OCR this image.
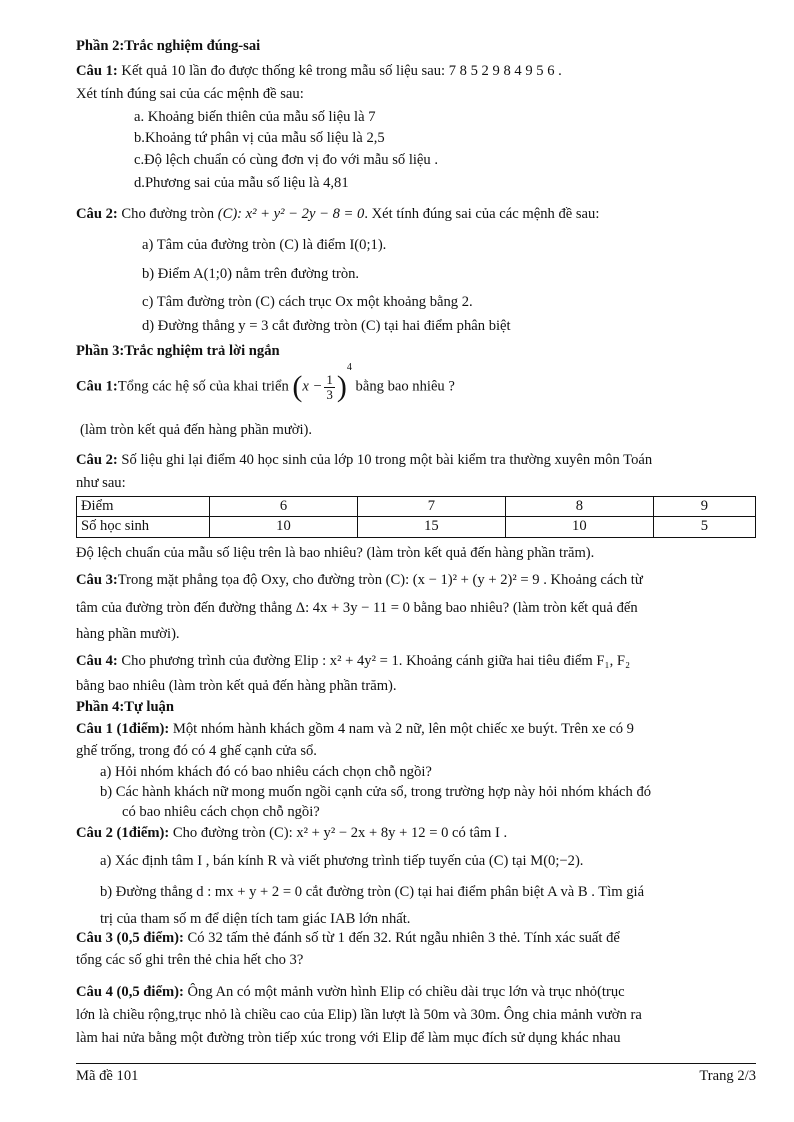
Phần 2:Trắc nghiệm đúng-sai
Câu 1: Kết quả 10 lần đo được thống kê trong mẫu số liệu sau: 7 8 5 2 9 8 4 9 5 6 .
Xét tính đúng sai của các mệnh đề sau:
a. Khoảng biến thiên của mẫu số liệu là 7
b.Khoảng tứ phân vị của mẫu số liệu là 2,5
c.Độ lệch chuẩn có cùng đơn vị đo với mẫu số liệu .
d.Phương sai của mẫu số liệu là 4,81
Câu 2: Cho đường tròn (C): x² + y² − 2y − 8 = 0. Xét tính đúng sai của các mệnh đề sau:
a) Tâm của đường tròn (C) là điểm I(0;1).
b) Điểm A(1;0) nằm trên đường tròn.
c) Tâm đường tròn (C) cách trục Ox một khoảng bằng 2.
d) Đường thẳng y = 3 cắt đường tròn (C) tại hai điểm phân biệt
Phần 3:Trắc nghiệm trả lời ngắn
Câu 1:Tổng các hệ số của khai triển $(x - \frac{1}{3} )^4$ bằng bao nhiêu ?
(làm tròn kết quả đến hàng phần mười).
Câu 2: Số liệu ghi lại điểm 40 học sinh của lớp 10 trong một bài kiểm tra thường xuyên môn Toán
như sau:
Điểm	6	7	8	9
Số học sinh	10	15	10	5
Độ lệch chuẩn của mẫu số liệu trên là bao nhiêu? (làm tròn kết quả đến hàng phần trăm).
Câu 3:Trong mặt phẳng tọa độ Oxy, cho đường tròn (C): (x − 1)² + (y + 2)² = 9 . Khoảng cách từ
tâm của đường tròn đến đường thẳng Δ: 4x + 3y − 11 = 0 bằng bao nhiêu? (làm tròn kết quả đến
hàng phần mười).
Câu 4: Cho phương trình của đường Elip : x² + 4y² = 1. Khoảng cánh giữa hai tiêu điểm F₁, F₂
bằng bao nhiêu (làm tròn kết quả đến hàng phần trăm).
Phần 4:Tự luận
Câu 1 (1điểm): Một nhóm hành khách gồm 4 nam và 2 nữ, lên một chiếc xe buýt. Trên xe có 9
ghế trống, trong đó có 4 ghế cạnh cửa sổ.
a) Hỏi nhóm khách đó có bao nhiêu cách chọn chỗ ngồi?
b) Các hành khách nữ mong muốn ngồi cạnh cửa sổ, trong trường hợp này hỏi nhóm khách đó
có bao nhiêu cách chọn chỗ ngồi?
Câu 2 (1điểm): Cho đường tròn (C): x² + y² − 2x + 8y + 12 = 0 có tâm I .
a) Xác định tâm I , bán kính R và viết phương trình tiếp tuyến của (C) tại M(0;−2).
b) Đường thẳng d : mx + y + 2 = 0 cắt đường tròn (C) tại hai điểm phân biệt A và B . Tìm giá
trị của tham số m để diện tích tam giác IAB lớn nhất.
Câu 3 (0,5 điểm): Có 32 tấm thẻ đánh số từ 1 đến 32. Rút ngẫu nhiên 3 thẻ. Tính xác suất để
tổng các số ghi trên thẻ chia hết cho 3?
Câu 4 (0,5 điểm): Ông An có một mảnh vườn hình Elip có chiều dài trục lớn và trục nhỏ(trục
lớn là chiều rộng,trục nhỏ là chiều cao của Elip) lần lượt là 50m và 30m. Ông chia mảnh vườn ra
làm hai nửa bằng một đường tròn tiếp xúc trong với Elip để làm mục đích sử dụng khác nhau
Mã đề 101	Trang 2/3
